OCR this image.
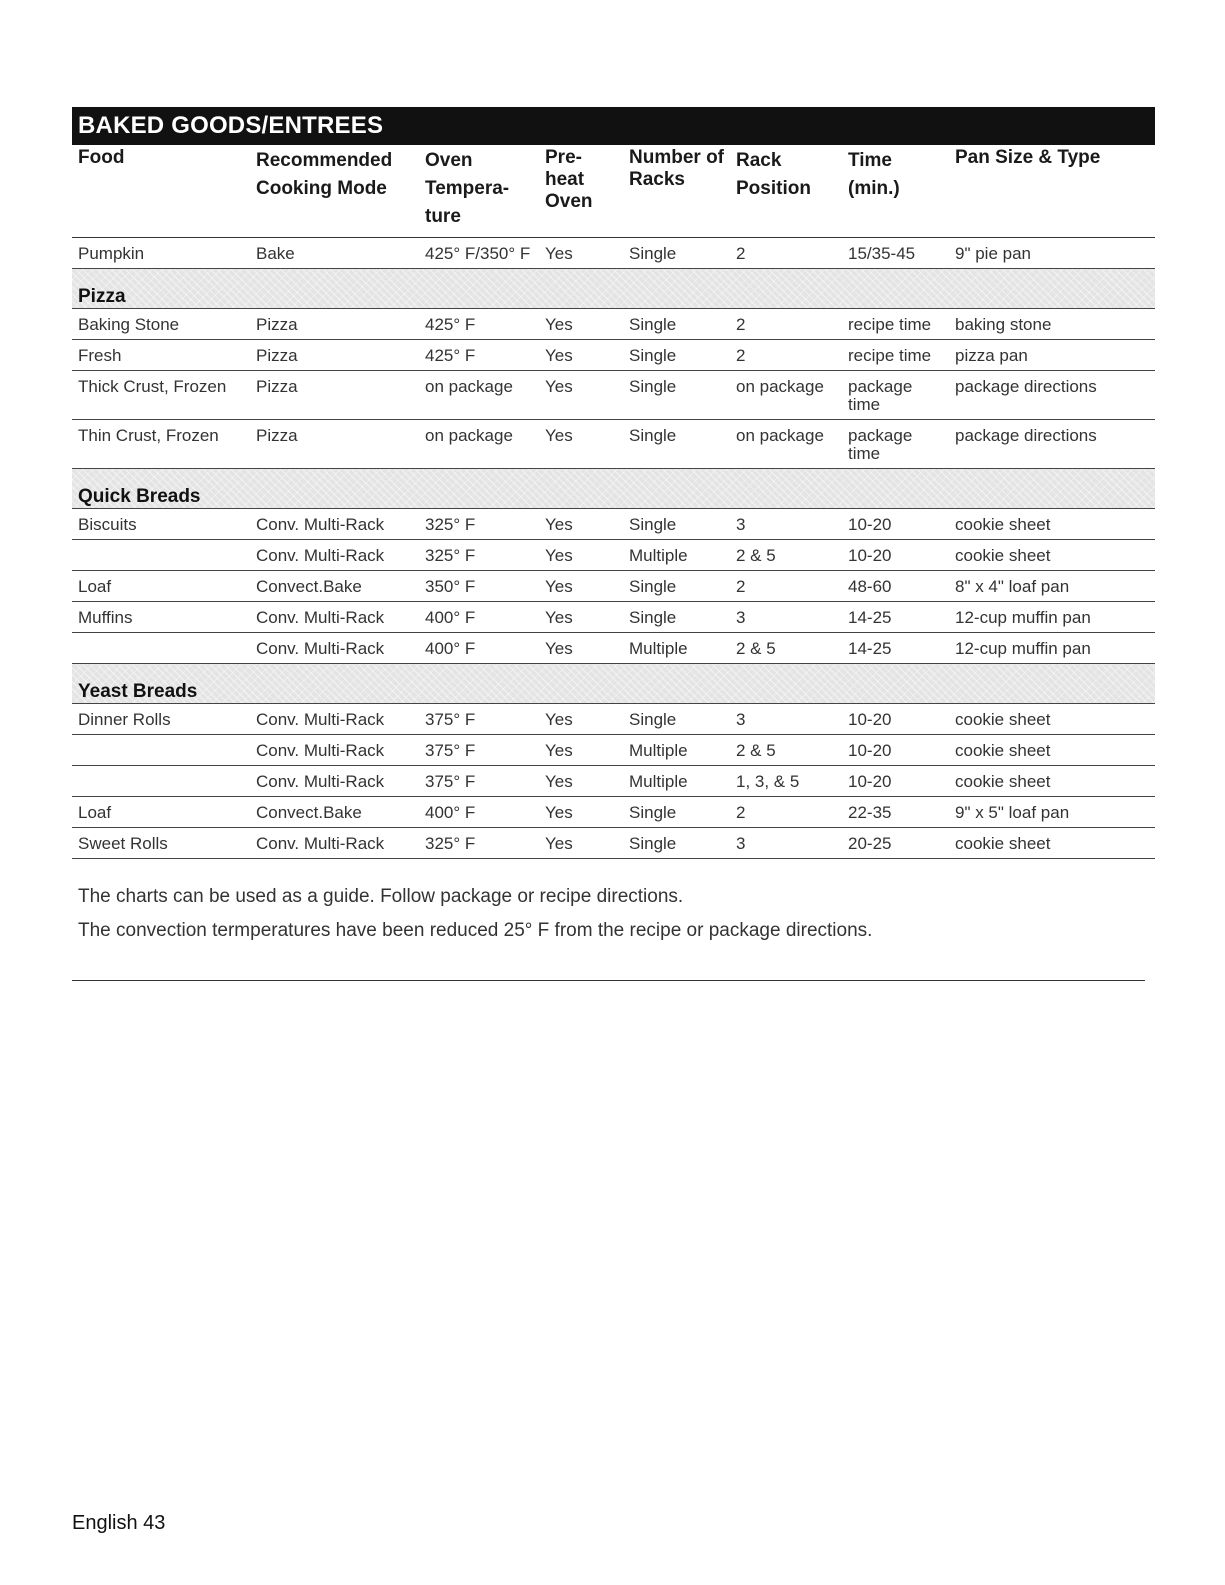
BAKED GOODS/ENTREES
Food	Recommended Cooking Mode	Oven Tempera- ture	Pre- heat Oven	Number of Racks	Rack Position	Time (min.)	Pan Size & Type
Pumpkin	Bake	425° F/350° F	Yes	Single	2	15/35-45	9" pie pan
Pizza							
Baking Stone	Pizza	425° F	Yes	Single	2	recipe time	baking stone
Fresh	Pizza	425° F	Yes	Single	2	recipe time	pizza pan
Thick Crust, Frozen	Pizza	on package	Yes	Single	on package	package time	package directions
Thin Crust, Frozen	Pizza	on package	Yes	Single	on package	package time	package directions
Quick Breads							
Biscuits	Conv. Multi-Rack	325° F	Yes	Single	3	10-20	cookie sheet
	Conv. Multi-Rack	325° F	Yes	Multiple	2 & 5	10-20	cookie sheet
Loaf	Convect.Bake	350° F	Yes	Single	2	48-60	8" x 4" loaf pan
Muffins	Conv. Multi-Rack	400° F	Yes	Single	3	14-25	12-cup muffin pan
	Conv. Multi-Rack	400° F	Yes	Multiple	2 & 5	14-25	12-cup muffin pan
Yeast Breads							
Dinner Rolls	Conv. Multi-Rack	375° F	Yes	Single	3	10-20	cookie sheet
	Conv. Multi-Rack	375° F	Yes	Multiple	2 & 5	10-20	cookie sheet
	Conv. Multi-Rack	375° F	Yes	Multiple	1, 3, & 5	10-20	cookie sheet
Loaf	Convect.Bake	400° F	Yes	Single	2	22-35	9" x 5" loaf pan
Sweet Rolls	Conv. Multi-Rack	325° F	Yes	Single	3	20-25	cookie sheet
The charts can be used as a guide. Follow package or recipe directions.
The convection termperatures have been reduced 25° F from the recipe or package directions.
English 43
